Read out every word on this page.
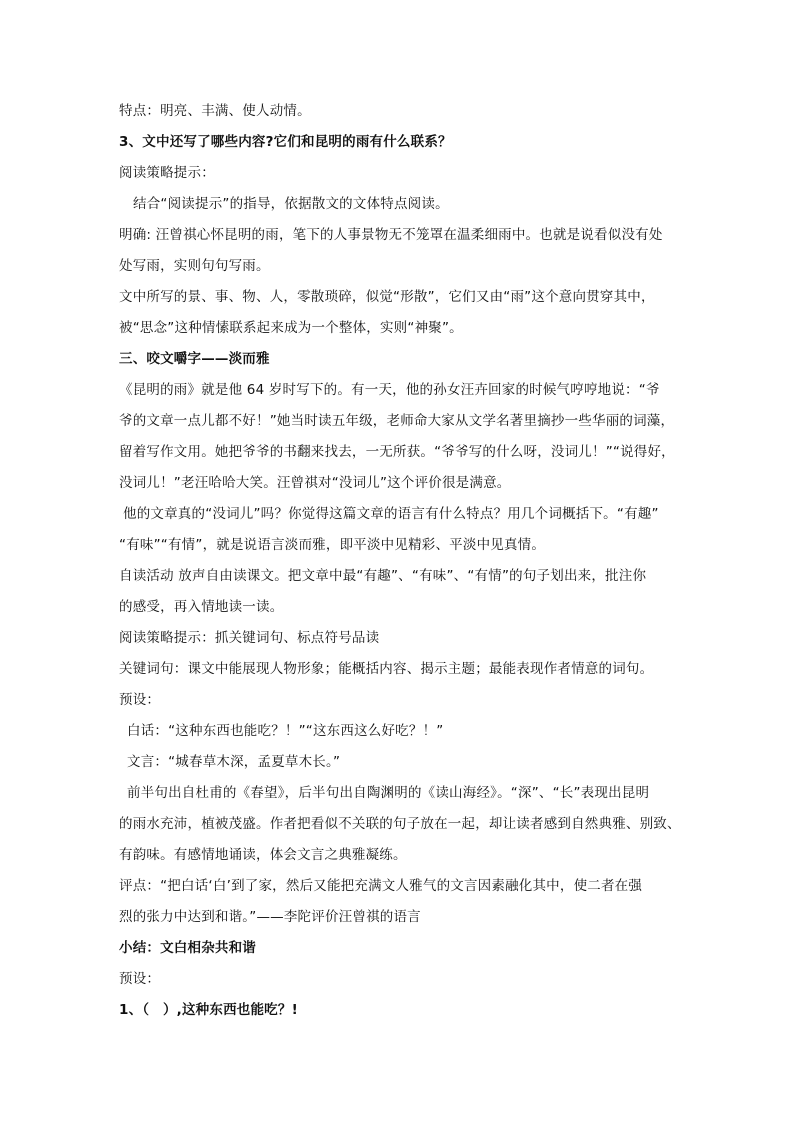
特点：明亮、丰满、使人动情。
3、文中还写了哪些内容?它们和昆明的雨有什么联系？
阅读策略提示：
结合“阅读提示”的指导，依据散文的文体特点阅读。
明确: 汪曾祺心怀昆明的雨，笔下的人事景物无不笼罩在温柔细雨中。也就是说看似没有处
处写雨，实则句句写雨。
文中所写的景、事、物、人，零散琐碎，似觉“形散”，它们又由“雨”这个意向贯穿其中，
被“思念”这种情愫联系起来成为一个整体，实则“神聚”。
三、咬文嚼字——淡而雅
《昆明的雨》就是他 64 岁时写下的。有一天，他的孙女汪卉回家的时候气哼哼地说：“爷
爷的文章一点儿都不好！”她当时读五年级，老师命大家从文学名著里摘抄一些华丽的词藻，
留着写作文用。她把爷爷的书翻来找去，一无所获。“爷爷写的什么呀，没词儿！”“说得好，
没词儿！”老汪哈哈大笑。汪曾祺对“没词儿”这个评价很是满意。
他的文章真的“没词儿”吗？你觉得这篇文章的语言有什么特点？用几个词概括下。“有趣”
“有味”“有情”，就是说语言淡而雅，即平淡中见精彩、平淡中见真情。
自读活动 放声自由读课文。把文章中最“有趣”、“有味”、“有情”的句子划出来，批注你
的感受，再入情地读一读。
阅读策略提示：抓关键词句、标点符号品读
关键词句：课文中能展现人物形象；能概括内容、揭示主题；最能表现作者情意的词句。
预设：
白话：“这种东西也能吃？！”“这东西这么好吃？！”
文言：“城春草木深，孟夏草木长。”
前半句出自杜甫的《春望》，后半句出自陶渊明的《读山海经》。“深”、“长”表现出昆明
的雨水充沛，植被茂盛。作者把看似不关联的句子放在一起，却让读者感到自然典雅、别致、
有韵味。有感情地诵读，体会文言之典雅凝练。
评点：“把白话‘白’到了家，然后又能把充满文人雅气的文言因素融化其中，使二者在强
烈的张力中达到和谐。”——李陀评价汪曾祺的语言
小结：文白相杂共和谐
预设：
1、（　）,这种东西也能吃？!
